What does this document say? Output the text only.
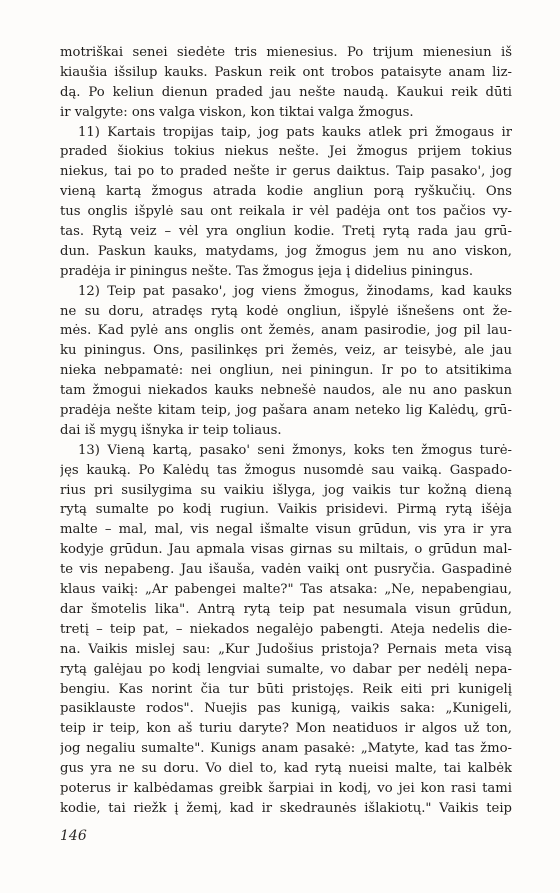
motriškai senei siedėte tris mienesius. Po trijum mienesiun iš
kiaušia išsilup kauks. Paskun reik ont trobos pataisyte anam liz-
dą. Po keliun dienun praded jau nešte naudą. Kaukui reik dūti
ir valgyte: ons valga viskon, kon tiktai valga žmogus.
11) Kartais tropijas taip, jog pats kauks atlek pri žmogaus ir
praded šiokius tokius niekus nešte. Jei žmogus prijem tokius
niekus, tai po to praded nešte ir gerus daiktus. Taip pasako', jog
vieną kartą žmogus atrada kodie angliun porą ryškučių. Ons
tus onglis išpylė sau ont reikala ir vėl padėja ont tos pačios vy-
tas. Rytą veiz – vėl yra ongliun kodie. Tretį rytą rada jau grū-
dun. Paskun kauks, matydams, jog žmogus jem nu ano viskon,
pradėja ir piningus nešte. Tas žmogus įeja į didelius piningus.
12) Teip pat pasako', jog viens žmogus, žinodams, kad kauks
ne su doru, atradęs rytą kodė ongliun, išpylė išnešens ont že-
mės. Kad pylė ans onglis ont žemės, anam pasirodie, jog pil lau-
ku piningus. Ons, pasilinkęs pri žemės, veiz, ar teisybė, ale jau
niekа nebpamatė: nei ongliun, nei piningun. Ir po to atsitikima
tam žmogui niekados kauks nebnešė naudos, ale nu ano paskun
pradėja nešte kitam teip, jog pašara anam neteko lig Kalėdų, grū-
dai iš mygų išnyka ir teip toliaus.
13) Vieną kartą, pasako' seni žmonys, koks ten žmogus turė-
jęs kauką. Po Kalėdų tas žmogus nusomdė sau vaiką. Gaspado-
rius pri susilygima su vaikiu išlyga, jog vaikis tur kožną dieną
rytą sumalte po kodį rugiun. Vaikis prisidevi. Pirmą rytą išėja
malte – mal, mal, vis negal išmalte visun grūdun, vis yra ir yra
kodyje grūdun. Jau apmala visas girnas su miltais, o grūdun mal-
te vis nepabeng. Jau išauša, vadėn vaikį ont pusryčia. Gaspadinė
klaus vaikį: „Ar pabengei malte?" Tas atsaka: „Ne, nepabengiau,
dar šmotelis lika". Antrą rytą teip pat nesumala visun grūdun,
tretį – teip pat, – niekados negalėjo pabengti. Ateja nedelis die-
na. Vaikis mislej sau: „Kur Judošius pristoja? Pernais meta visą
rytą galėjau po kodį lengviai sumalte, vo dabar per nedėlį nepa-
bengiu. Kas norint čia tur būti pristojęs. Reik eiti pri kunigelį
pasiklauste rodos". Nuejis pas kunigą, vaikis saka: „Kunigeli,
teip ir teip, kon aš turiu daryte? Mon neatiduos ir algos už ton,
jog negaliu sumalte". Kunigs anam pasakė: „Matyte, kad tas žmo-
gus yra ne su doru. Vo diel to, kad rytą nueisi malte, tai kalbėk
poterus ir kalbėdamas greibk šarpiai in kodį, vo jei kon rasi tami
kodie, tai riežk į žemį, kad ir skedraunės išlakiotų." Vaikis teip
146
